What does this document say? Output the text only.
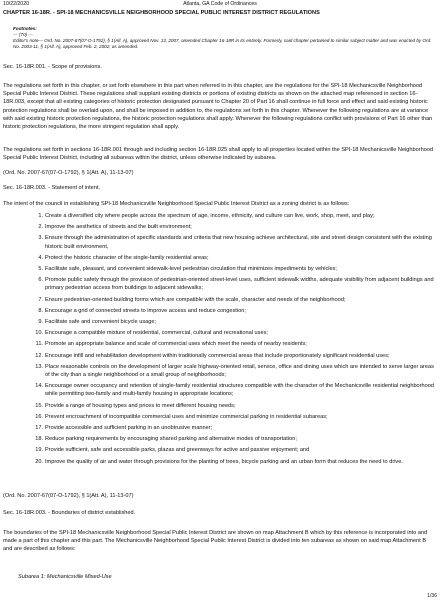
10/22/2020	Atlanta, GA Code of Ordinances
CHAPTER 16-18R. - SPI-18 MECHANICSVILLE NEIGHBORHOOD SPECIAL PUBLIC INTEREST DISTRICT REGULATIONS
Footnotes:
--- (70) ---
Editor's note— Ord. No. 2007-67(07-O-1792), § 1(All. A), approved Nov. 13, 2007, amended Chapter 16-18R in its entirety. Formerly, said chapter pertained to similar subject matter and was enacted by Ord. No. 2003-11, § 1(All. A), approved Feb. 2, 2002; as amended.
Sec. 16-18R.001. - Scope of provisions.
The regulations set forth in this chapter, or set forth elsewhere in this part when referred to in this chapter, are the regulations for the SPI-18 Mechanicsville Neighborhood Special Public Interest District. These regulations shall supplant existing districts or portions of existing districts as shown on the attached map referenced in section 16-18R.003, except that all existing categories of historic protection designated pursuant to Chapter 20 of Part 16 shall continue in full force and effect and said existing historic protection regulations shall be overlaid upon, and shall be imposed in addition to, the regulations set forth in this chapter. Whenever the following regulations are at variance with said existing historic protection regulations, the historic protection regulations shall apply. Whenever the following regulations conflict with provisions of Part 16 other than historic protection regulations, the more stringent regulation shall apply.
The regulations set forth in sections 16-18R.001 through and including section 16-18R.025 shall apply to all properties located within the SPI-18 Mechanicsville Neighborhood Special Public Interest District, including all subareas within the district, unless otherwise indicated by subarea.
(Ord. No. 2007-67(07-O-1792), § 1(Att. A), 11-13-07)
Sec. 16-18R.003. - Statement of intent.
The intent of the council in establishing SPI-18 Mechanicsville Neighborhood Special Public Interest District as a zoning district is as follows:
1. Create a diversified city where people across the spectrum of age, income, ethnicity, and culture can live, work, shop, meet, and play;
2. Improve the aesthetics of streets and the built environment;
3. Ensure through the administration of specific standards and criteria that new housing achieve architectural, site and street design consistent with the existing historic built environment,
4. Protect the historic character of the single-family residential areas;
5. Facilitate safe, pleasant, and convenient sidewalk-level pedestrian circulation that minimizes impediments by vehicles;
6. Promote public safety through the provision of pedestrian-oriented street-level uses, sufficient sidewalk widths, adequate visibility from adjacent buildings and primary pedestrian access from buildings to adjacent sidewalks;
7. Ensure pedestrian-oriented building forms which are compatible with the scale, character and needs of the neighborhood;
8. Encourage a grid of connected streets to improve access and reduce congestion;
9. Facilitate safe and convenient bicycle usage;
10. Encourage a compatible mixture of residential, commercial, cultural and recreational uses;
11. Promote an appropriate balance and scale of commercial uses which meet the needs of nearby residents;
12. Encourage infill and rehabilitation development within traditionally commercial areas that include proportionately significant residential uses;
13. Place reasonable controls on the development of larger scale highway-oriented retail, service, office and dining uses which are intended to serve larger areas of the city than a single neighborhood or a small group of neighborhoods;
14. Encourage owner occupancy and retention of single-family residential structures compatible with the character of the Mechanicsville residential neighborhood while permitting two-family and multi-family housing in appropriate locations;
15. Provide a range of housing types and prices to meet different housing needs;
16. Prevent encroachment of incompatible commercial uses and minimize commercial parking in residential subareas;
17. Provide accessible and sufficient parking in an unobtrusive manner;
18. Reduce parking requirements by encouraging shared parking and alternative modes of transportation;
19. Provide sufficient, safe and accessible parks, plazas and greenways for active and passive enjoyment; and
20. Improve the quality of air and water through provisions for the planting of trees, bicycle parking and an urban form that reduces the need to drive.
(Ord. No. 2007-67(07-O-1792), § 1(Att. A), 11-13-07)
Sec. 16-18R.003. - Boundaries of district established.
The boundaries of the SPI-18 Mechanicsville Neighborhood Special Public Interest District are shown on map Attachment B which by this reference is incorporated into and made a part of this chapter and this part. The Mechanicsville Neighborhood Special Public Interest District is divided into ten subareas as shown on said map Attachment B and are described as follows:
Subarea 1: Mechanicsville Mixed-Use
1/36
